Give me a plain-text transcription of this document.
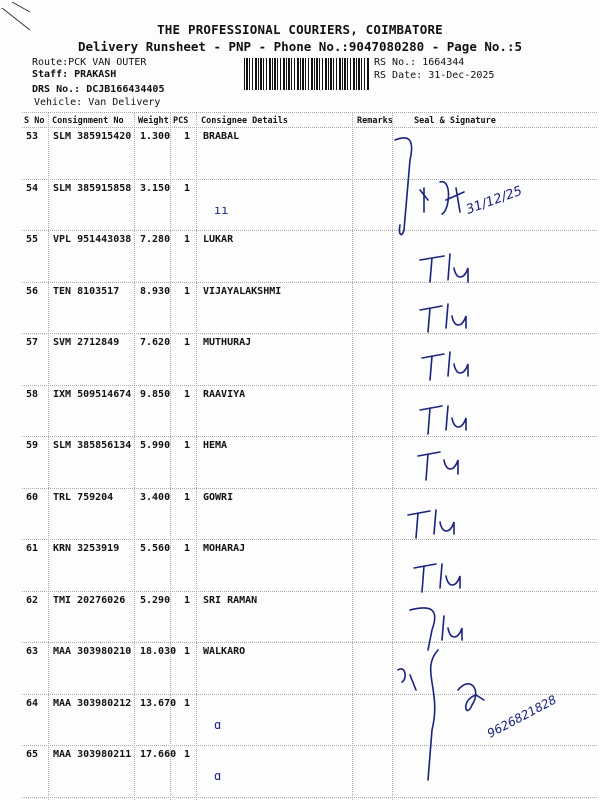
THE PROFESSIONAL COURIERS, COIMBATORE
Delivery Runsheet - PNP - Phone No.:9047080280 - Page No.:5
Route:PCK VAN OUTER
Staff: PRAKASH
DRS No.: DCJB166434405
Vehicle: Van Delivery
RS No.: 1664344
RS Date: 31-Dec-2025
S No Consignment No Weight PCS Consignee Details	Remarks Seal & Signature
53 SLM 385915420 1.300 1 BRABAL
54 SLM 385915858 3.150 1
ıı
55 VPL 951443038 7.280 1 LUKAR
56 TEN 8103517 8.930 1 VIJAYALAKSHMI
57 SVM 2712849 7.620 1 MUTHURAJ
58 IXM 509514674 9.850 1 RAAVIYA
59 SLM 385856134 5.990 1 HEMA
60 TRL 759204	3.400 1 GOWRI
61 KRN 3253919 5.560 1 MOHARAJ
62 TMI 20276026 5.290 1 SRI RAMAN
63 MAA 303980210 18.030 1 WALKARO
64 MAA 303980212 13.670 1
ɑ
65 MAA 303980211 17.660 1
ɑ
31/12/25
9626821828
